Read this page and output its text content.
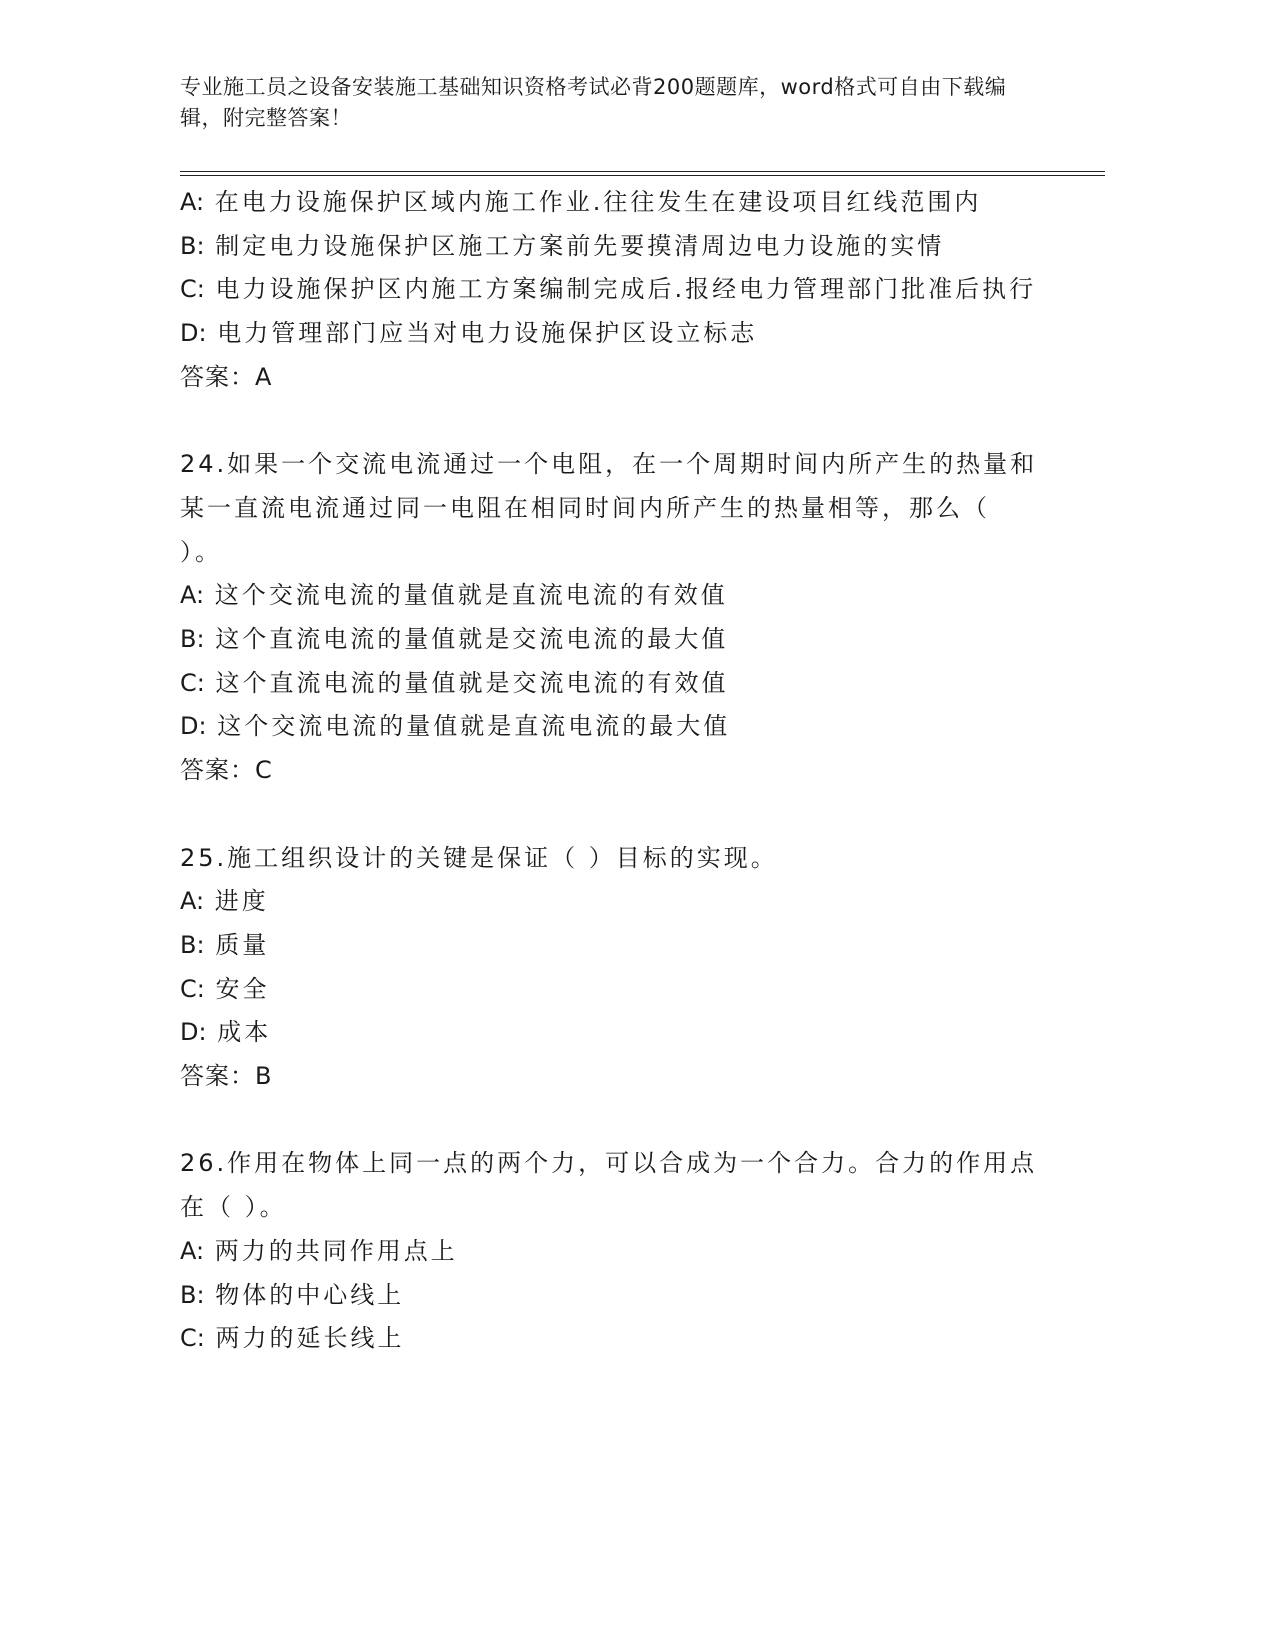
专业施工员之设备安装施工基础知识资格考试必背200题题库，word格式可自由下载编辑，附完整答案！

A: 在电力设施保护区域内施工作业.往往发生在建设项目红线范围内

B: 制定电力设施保护区施工方案前先要摸清周边电力设施的实情

C: 电力设施保护区内施工方案编制完成后.报经电力管理部门批准后执行

D: 电力管理部门应当对电力设施保护区设立标志

答案：A

24.如果一个交流电流通过一个电阻，在一个周期时间内所产生的热量和某一直流电流通过同一电阻在相同时间内所产生的热量相等，那么（ ）。

A: 这个交流电流的量值就是直流电流的有效值

B: 这个直流电流的量值就是交流电流的最大值

C: 这个直流电流的量值就是交流电流的有效值

D: 这个交流电流的量值就是直流电流的最大值

答案：C

25.施工组织设计的关键是保证（ ）目标的实现。

A: 进度

B: 质量

C: 安全

D: 成本

答案：B

26.作用在物体上同一点的两个力，可以合成为一个合力。合力的作用点在（ ）。

A: 两力的共同作用点上

B: 物体的中心线上

C: 两力的延长线上
